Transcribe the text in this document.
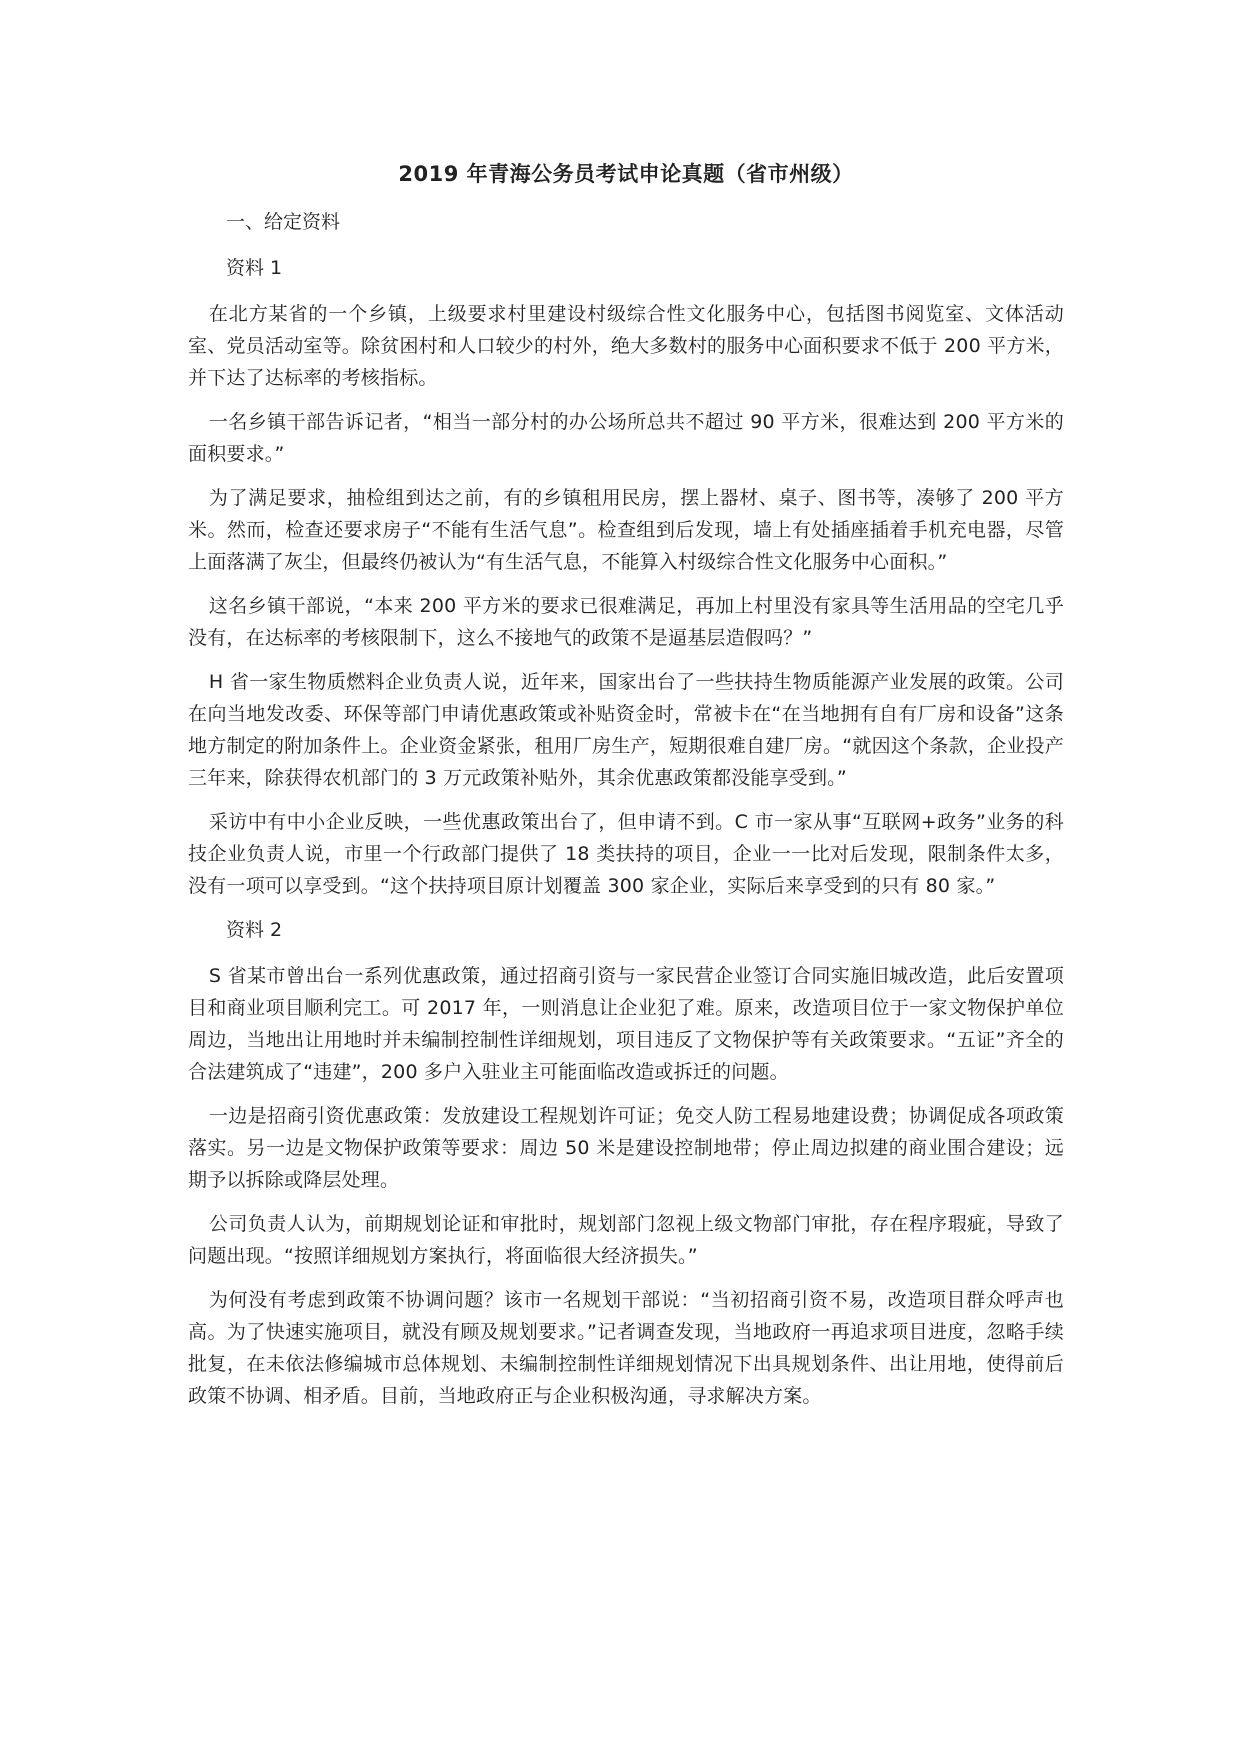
2019 年青海公务员考试申论真题（省市州级）
一、给定资料
资料 1

在北方某省的一个乡镇，上级要求村里建设村级综合性文化服务中心，包括图书阅览室、文体活动室、党员活动室等。除贫困村和人口较少的村外，绝大多数村的服务中心面积要求不低于 200 平方米，并下达了达标率的考核指标。

一名乡镇干部告诉记者，“相当一部分村的办公场所总共不超过 90 平方米，很难达到 200 平方米的面积要求。”

为了满足要求，抽检组到达之前，有的乡镇租用民房，摆上器材、桌子、图书等，凑够了 200 平方米。然而，检查还要求房子“不能有生活气息”。检查组到后发现，墙上有处插座插着手机充电器，尽管上面落满了灰尘，但最终仍被认为“有生活气息，不能算入村级综合性文化服务中心面积。”

这名乡镇干部说，“本来 200 平方米的要求已很难满足，再加上村里没有家具等生活用品的空宅几乎没有，在达标率的考核限制下，这么不接地气的政策不是逼基层造假吗？”

H 省一家生物质燃料企业负责人说，近年来，国家出台了一些扶持生物质能源产业发展的政策。公司在向当地发改委、环保等部门申请优惠政策或补贴资金时，常被卡在“在当地拥有自有厂房和设备”这条地方制定的附加条件上。企业资金紧张，租用厂房生产，短期很难自建厂房。“就因这个条款，企业投产三年来，除获得农机部门的 3 万元政策补贴外，其余优惠政策都没能享受到。”

采访中有中小企业反映，一些优惠政策出台了，但申请不到。C 市一家从事“互联网+政务”业务的科技企业负责人说，市里一个行政部门提供了 18 类扶持的项目，企业一一比对后发现，限制条件太多，没有一项可以享受到。“这个扶持项目原计划覆盖 300 家企业，实际后来享受到的只有 80 家。”

资料 2

S 省某市曾出台一系列优惠政策，通过招商引资与一家民营企业签订合同实施旧城改造，此后安置项目和商业项目顺利完工。可 2017 年，一则消息让企业犯了难。原来，改造项目位于一家文物保护单位周边，当地出让用地时并未编制控制性详细规划，项目违反了文物保护等有关政策要求。“五证”齐全的合法建筑成了“违建”，200 多户入驻业主可能面临改造或拆迁的问题。

一边是招商引资优惠政策：发放建设工程规划许可证；免交人防工程易地建设费；协调促成各项政策落实。另一边是文物保护政策等要求：周边 50 米是建设控制地带；停止周边拟建的商业围合建设；远期予以拆除或降层处理。

公司负责人认为，前期规划论证和审批时，规划部门忽视上级文物部门审批，存在程序瑕疵，导致了问题出现。“按照详细规划方案执行，将面临很大经济损失。”

为何没有考虑到政策不协调问题？该市一名规划干部说：“当初招商引资不易，改造项目群众呼声也高。为了快速实施项目，就没有顾及规划要求。”记者调查发现，当地政府一再追求项目进度，忽略手续批复，在未依法修编城市总体规划、未编制控制性详细规划情况下出具规划条件、出让用地，使得前后政策不协调、相矛盾。目前，当地政府正与企业积极沟通，寻求解决方案。
